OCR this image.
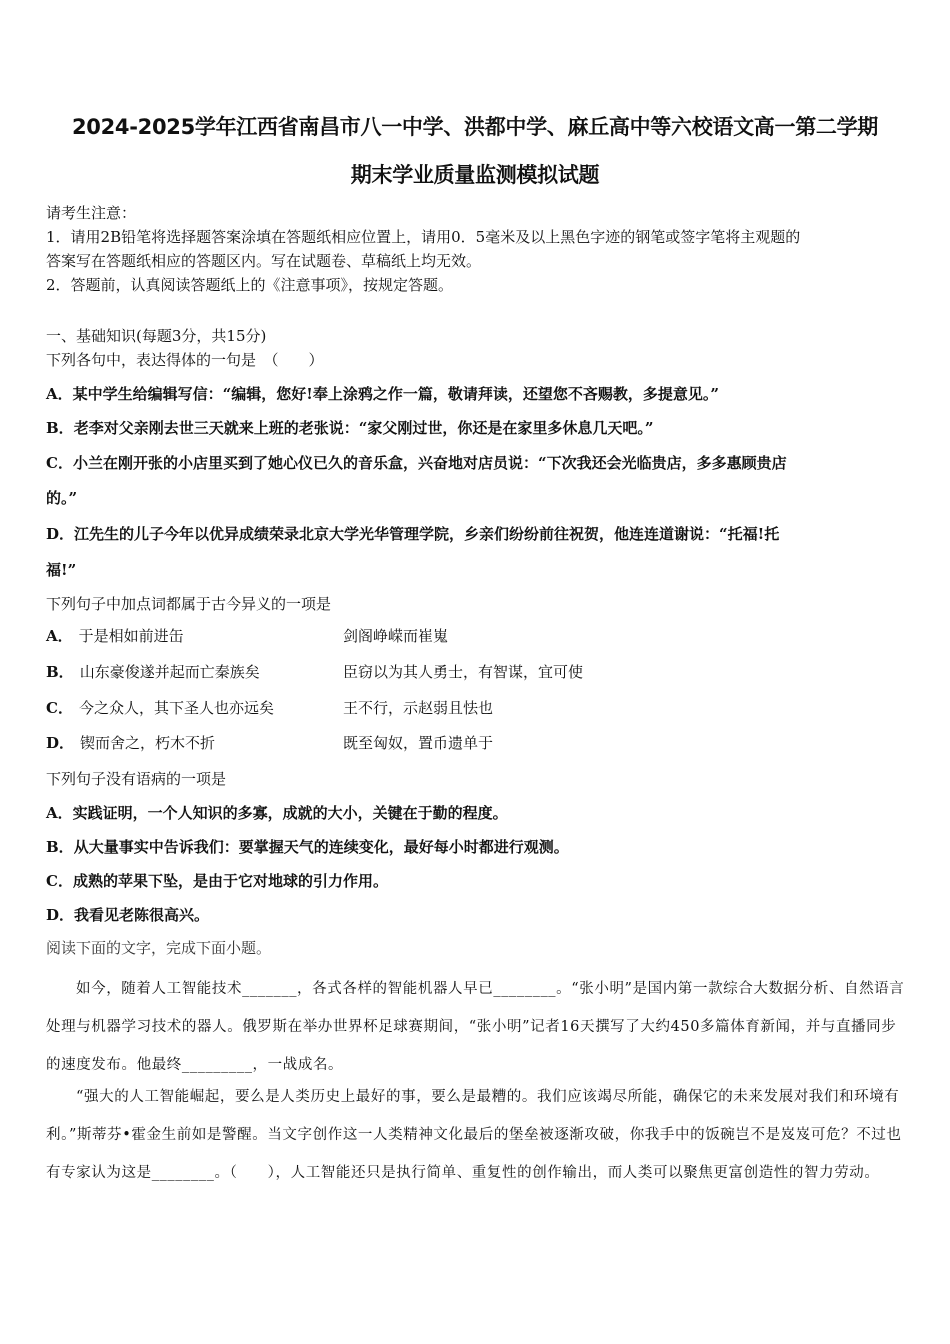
2024-2025学年江西省南昌市八一中学、洪都中学、麻丘高中等六校语文高一第二学期
期末学业质量监测模拟试题
请考生注意：
1．请用2B铅笔将选择题答案涂填在答题纸相应位置上，请用0．5毫米及以上黑色字迹的钢笔或签字笔将主观题的
答案写在答题纸相应的答题区内。写在试题卷、草稿纸上均无效。
2．答题前，认真阅读答题纸上的《注意事项》，按规定答题。
一、基础知识(每题3分，共15分)
下列各句中，表达得体的一句是　（　　）
A．某中学生给编辑写信：“编辑，您好!奉上涂鸦之作一篇，敬请拜读，还望您不吝赐教，多提意见。”
B．老李对父亲刚去世三天就来上班的老张说：“家父刚过世，你还是在家里多休息几天吧。”
C．小兰在刚开张的小店里买到了她心仪已久的音乐盒，兴奋地对店员说：“下次我还会光临贵店，多多惠顾贵店
的。”
D．江先生的儿子今年以优异成绩荣录北京大学光华管理学院，乡亲们纷纷前往祝贺，他连连道谢说：“托福!托
福!”
下列句子中加点词都属于古今异义的一项是
A． 于是相如前进缶	剑阁峥嵘而崔嵬
B． 山东豪俊遂并起而亡秦族矣	臣窃以为其人勇士，有智谋，宜可使
C． 今之众人，其下圣人也亦远矣	王不行，示赵弱且怯也
D． 锲而舍之，朽木不折	既至匈奴，置币遗单于
下列句子没有语病的一项是
A．实践证明，一个人知识的多寡，成就的大小，关键在于勤的程度。
B．从大量事实中告诉我们：要掌握天气的连续变化，最好每小时都进行观测。
C．成熟的苹果下坠，是由于它对地球的引力作用。
D．我看见老陈很高兴。
阅读下面的文字，完成下面小题。
如今，随着人工智能技术_______，各式各样的智能机器人早已________。“张小明”是国内第一款综合大数据分析、自然语言处理与机器学习技术的器人。俄罗斯在举办世界杯足球赛期间，“张小明”记者16天撰写了大约450多篇体育新闻，并与直播同步的速度发布。他最终_________，一战成名。
“强大的人工智能崛起，要么是人类历史上最好的事，要么是最糟的。我们应该竭尽所能，确保它的未来发展对我们和环境有利。”斯蒂芬•霍金生前如是警醒。当文字创作这一人类精神文化最后的堡垒被逐渐攻破，你我手中的饭碗岂不是岌岌可危？不过也有专家认为这是________。（　　），人工智能还只是执行简单、重复性的创作输出，而人类可以聚焦更富创造性的智力劳动。
